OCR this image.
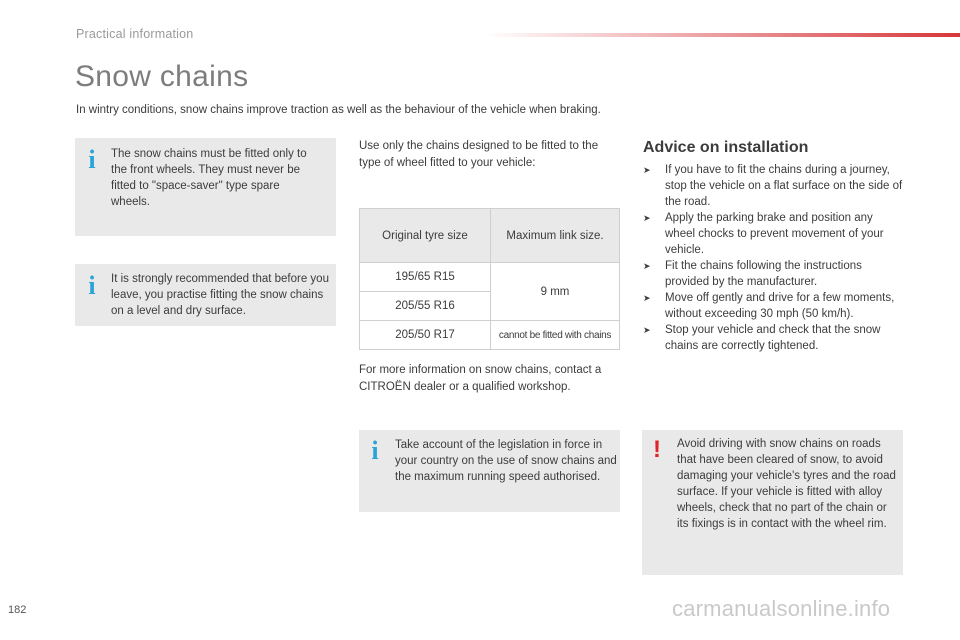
Practical information
Snow chains
In wintry conditions, snow chains improve traction as well as the behaviour of the vehicle when braking.
i The snow chains must be fitted only to the front wheels. They must never be fitted to "space-saver" type spare wheels.
i It is strongly recommended that before you leave, you practise fitting the snow chains on a level and dry surface.
Use only the chains designed to be fitted to the type of wheel fitted to your vehicle:
Original tyre size	Maximum link size.
195/65 R15	9 mm
205/55 R16	
205/50 R17	cannot be fitted with chains
For more information on snow chains, contact a CITROËN dealer or a qualified workshop.
i Take account of the legislation in force in your country on the use of snow chains and the maximum running speed authorised.
Advice on installation
➤ If you have to fit the chains during a journey, stop the vehicle on a flat surface on the side of the road.
➤ Apply the parking brake and position any wheel chocks to prevent movement of your vehicle.
➤ Fit the chains following the instructions provided by the manufacturer.
➤ Move off gently and drive for a few moments, without exceeding 30 mph (50 km/h).
➤ Stop your vehicle and check that the snow chains are correctly tightened.
! Avoid driving with snow chains on roads that have been cleared of snow, to avoid damaging your vehicle's tyres and the road surface. If your vehicle is fitted with alloy wheels, check that no part of the chain or its fixings is in contact with the wheel rim.
182	carmanualsonline.info
